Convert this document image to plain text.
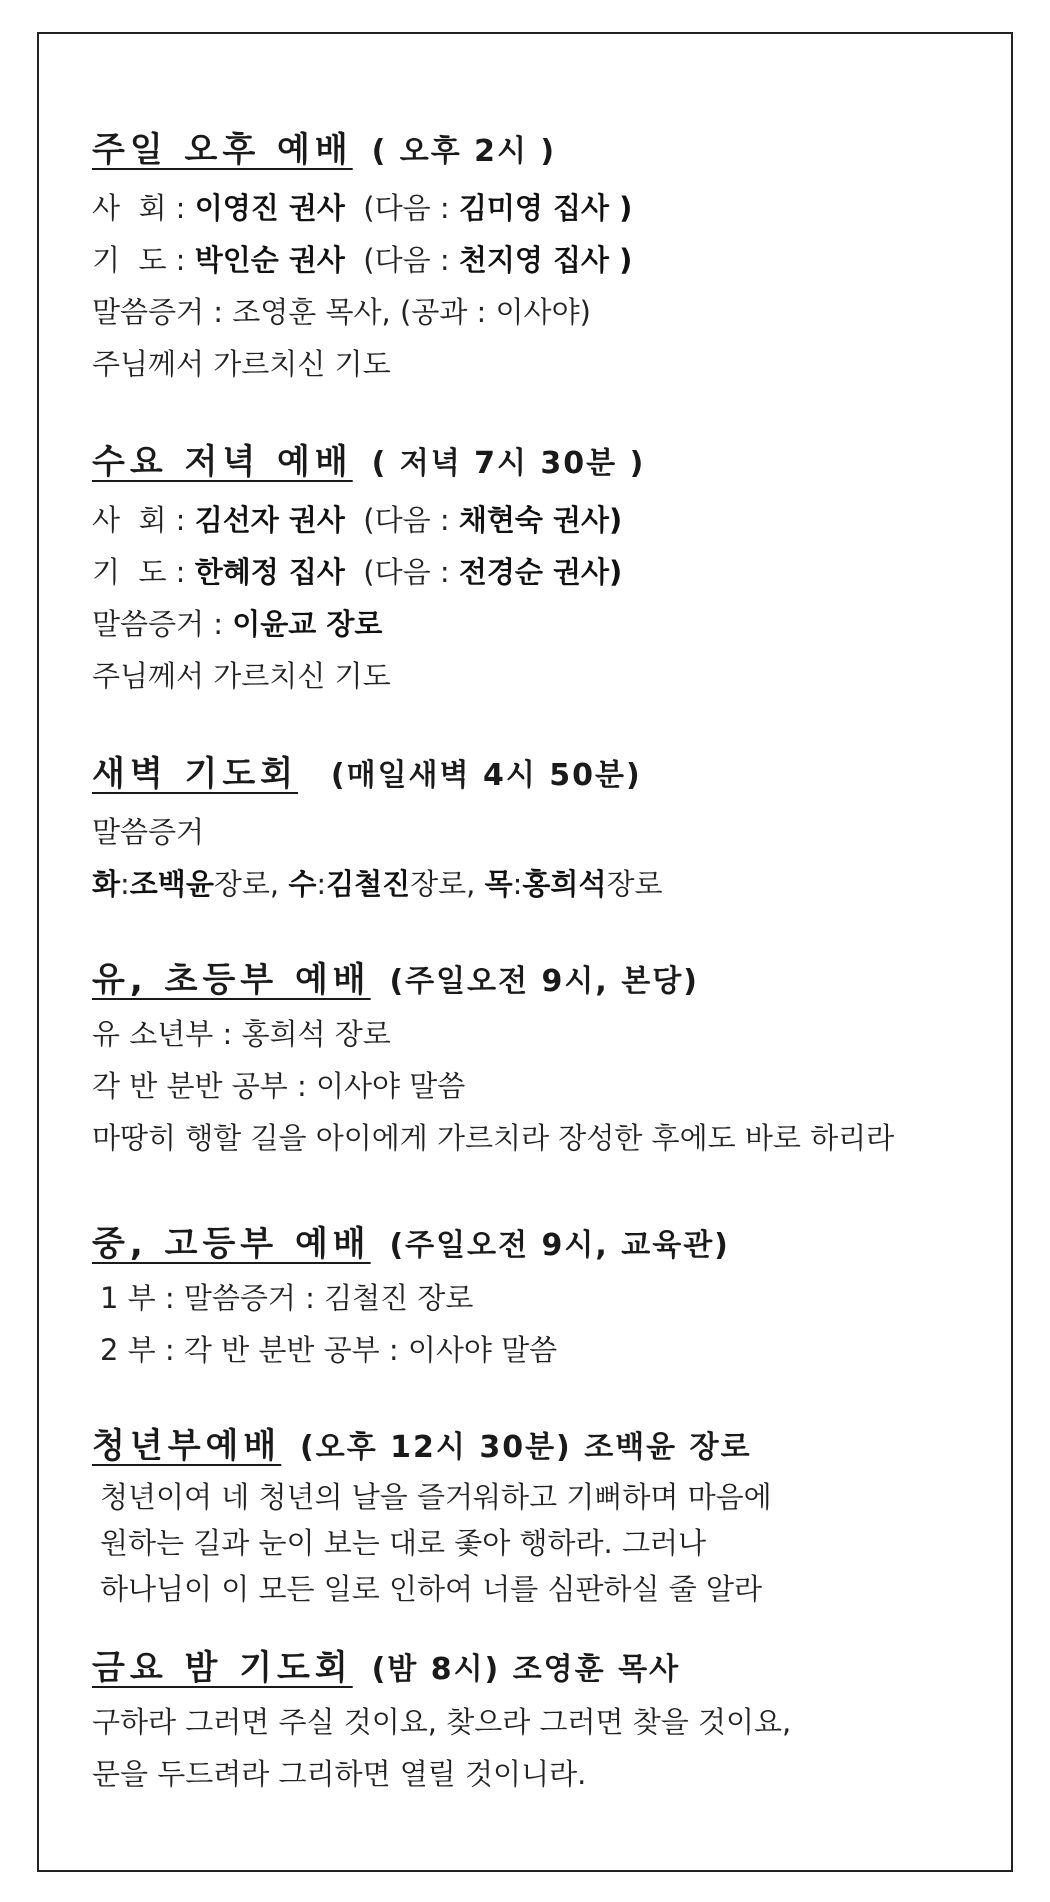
주일 오후 예배 ( 오후 2시 )
사  회 : 이영진 권사 (다음 : 김미영 집사 )
기  도 : 박인순 권사 (다음 : 천지영 집사 )
말씀증거 : 조영훈 목사, (공과 : 이사야)
주님께서 가르치신 기도
수요 저녁 예배 ( 저녁 7시 30분 )
사  회 : 김선자 권사 (다음 : 채현숙 권사)
기  도 : 한혜정 집사 (다음 : 전경순 권사)
말씀증거 : 이윤교 장로
주님께서 가르치신 기도
새벽 기도회 (매일새벽 4시 50분)
말씀증거
화:조백윤장로, 수:김철진장로, 목:홍희석장로
유, 초등부 예배 (주일오전 9시, 본당)
유 소년부 : 홍희석 장로
각 반 분반 공부 : 이사야 말씀
마땅히 행할 길을 아이에게 가르치라 장성한 후에도 바로 하리라
중, 고등부 예배 (주일오전 9시, 교육관)
1 부 : 말씀증거 : 김철진 장로
2 부 : 각 반 분반 공부 : 이사야 말씀
청년부예배 (오후 12시 30분) 조백윤 장로
청년이여 네 청년의 날을 즐거워하고 기뻐하며 마음에
원하는 길과 눈이 보는 대로 좇아 행하라. 그러나
하나님이 이 모든 일로 인하여 너를 심판하실 줄 알라
금요 밤 기도회 (밤 8시) 조영훈 목사
구하라 그러면 주실 것이요, 찾으라 그러면 찾을 것이요,
문을 두드려라 그리하면 열릴 것이니라.
